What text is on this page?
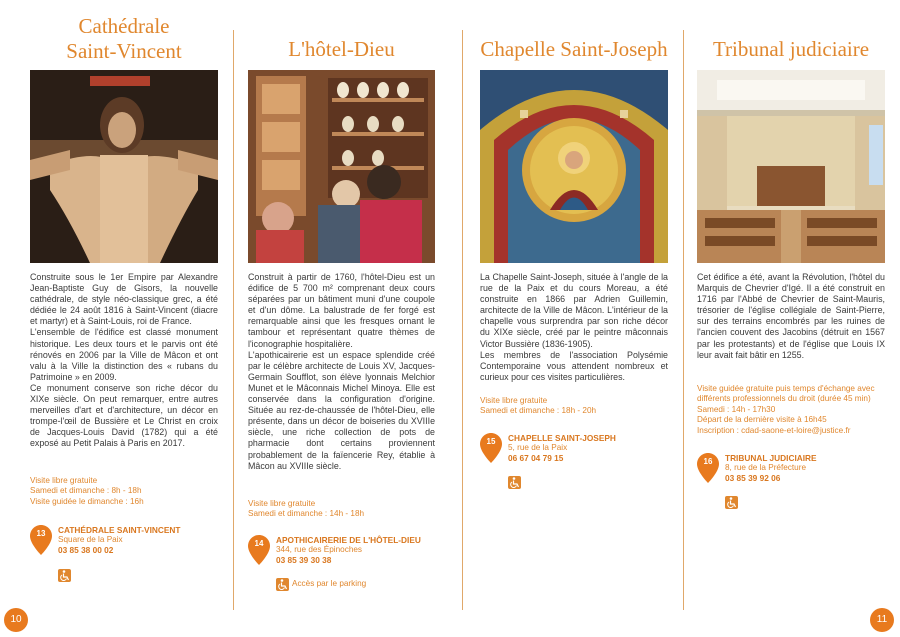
Cathédrale
Saint-Vincent

Construite sous le 1er Empire par Alexandre Jean-Baptiste Guy de Gisors, la nouvelle cathédrale, de style néo-classique grec, a été dédiée le 24 août 1816 à Saint-Vincent (diacre et martyr) et à Saint-Louis, roi de France.

L'ensemble de l'édifice est classé monument historique. Les deux tours et le parvis ont été rénovés en 2006 par la Ville de Mâcon et ont valu à la Ville la distinction des « rubans du Patrimoine » en 2009.

Ce monument conserve son riche décor du XIXe siècle. On peut remarquer, entre autres merveilles d'art et d'architecture, un décor en trompe-l'œil de Bussière et Le Christ en croix de Jacques-Louis David (1782) qui a été exposé au Petit Palais à Paris en 2017.

Visite libre gratuite

Samedi et dimanche : 8h - 18h

Visite guidée le dimanche : 16h

13	CATHÉDRALE SAINT-VINCENT
Square de la Paix
03 85 38 00 02
L'hôtel-Dieu

Construit à partir de 1760, l'hôtel-Dieu est un édifice de 5 700 m² comprenant deux cours séparées par un bâtiment muni d'une coupole et d'un dôme. La balustrade de fer forgé est remarquable ainsi que les fresques ornant le tambour et représentant quatre thèmes de l'iconographie hospitalière.

L'apothicairerie est un espace splendide créé par le célèbre architecte de Louis XV, Jacques-Germain Soufflot, son élève lyonnais Melchior Munet et le Mâconnais Michel Minoya. Elle est conservée dans la configuration d'origine. Située au rez-de-chaussée de l'hôtel-Dieu, elle présente, dans un décor de boiseries du XVIIIe siècle, une riche collection de pots de pharmacie dont certains proviennent probablement de la faïencerie Rey, établie à Mâcon au XVIIIe siècle.

Visite libre gratuite

Samedi et dimanche : 14h - 18h

14	APOTHICAIRERIE DE L'HÔTEL-DIEU
344, rue des Épinoches
03 85 39 30 38
Accès par le parking
Chapelle Saint-Joseph

La Chapelle Saint-Joseph, située à l'angle de la rue de la Paix et du cours Moreau, a été construite en 1866 par Adrien Guillemin, architecte de la Ville de Mâcon. L'intérieur de la chapelle vous surprendra par son riche décor du XIXe siècle, créé par le peintre mâconnais Victor Bussière (1836-1905).

Les membres de l'association Polysémie Contemporaine vous attendent nombreux et curieux pour ces visites particulières.

Visite libre gratuite

Samedi et dimanche : 18h - 20h

15	CHAPELLE SAINT-JOSEPH
5, rue de la Paix
06 67 04 79 15
Tribunal judiciaire

Cet édifice a été, avant la Révolution, l'hôtel du Marquis de Chevrier d'Igé. Il a été construit en 1716 par l'Abbé de Chevrier de Saint-Mauris, trésorier de l'église collégiale de Saint-Pierre, sur des terrains encombrés par les ruines de l'ancien couvent des Jacobins (détruit en 1567 par les protestants) et de l'église que Louis IX leur avait fait bâtir en 1255.

Visite guidée gratuite puis temps d'échange avec différents professionnels du droit (durée 45 min)

Samedi : 14h - 17h30

Départ de la dernière visite à 16h45

Inscription : cdad-saone-et-loire@justice.fr

16	TRIBUNAL JUDICIAIRE
8, rue de la Préfecture
03 85 39 92 06
10	11
